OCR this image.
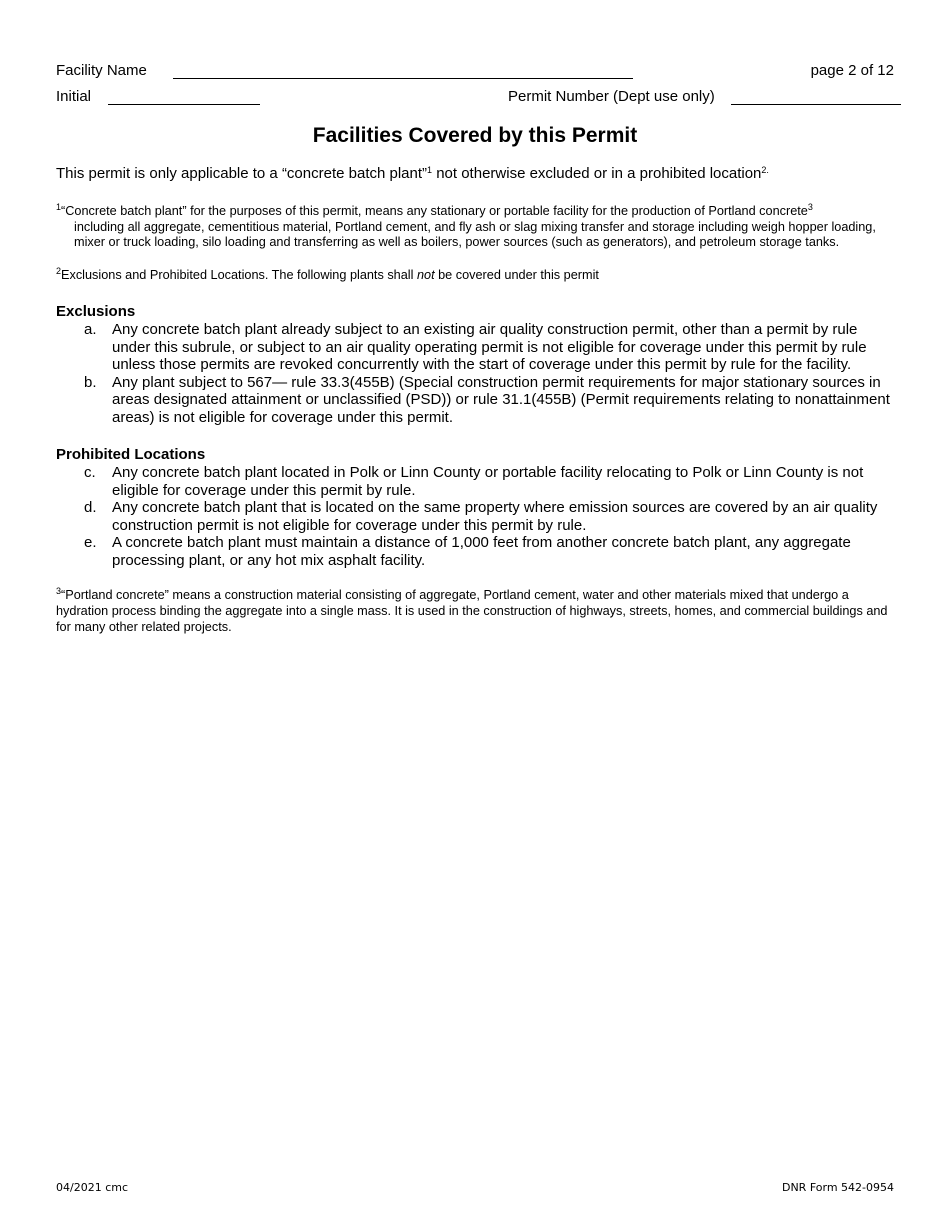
Facility Name	page 2 of 12
Initial	Permit Number (Dept use only)
Facilities Covered by this Permit
This permit is only applicable to a “concrete batch plant”$^1$ not otherwise excluded or in a prohibited location$^{2.}$
$^1$“Concrete batch plant” for the purposes of this permit, means any stationary or portable facility for the production of Portland concrete$^3$
including all aggregate, cementitious material, Portland cement, and fly ash or slag mixing transfer and storage including weigh hopper loading, mixer or truck loading, silo loading and transferring as well as boilers, power sources (such as generators), and petroleum storage tanks.
$^2$Exclusions and Prohibited Locations. The following plants shall not be covered under this permit
Exclusions
a. Any concrete batch plant already subject to an existing air quality construction permit, other than a permit by rule under this subrule, or subject to an air quality operating permit is not eligible for coverage under this permit by rule unless those permits are revoked concurrently with the start of coverage under this permit by rule for the facility.
b. Any plant subject to 567— rule 33.3(455B) (Special construction permit requirements for major stationary sources in areas designated attainment or unclassified (PSD)) or rule 31.1(455B) (Permit requirements relating to nonattainment areas) is not eligible for coverage under this permit.
Prohibited Locations
c. Any concrete batch plant located in Polk or Linn County or portable facility relocating to Polk or Linn County is not eligible for coverage under this permit by rule.
d. Any concrete batch plant that is located on the same property where emission sources are covered by an air quality construction permit is not eligible for coverage under this permit by rule.
e. A concrete batch plant must maintain a distance of 1,000 feet from another concrete batch plant, any aggregate processing plant, or any hot mix asphalt facility.
$^3$“Portland concrete” means a construction material consisting of aggregate, Portland cement, water and other materials mixed that undergo a hydration process binding the aggregate into a single mass. It is used in the construction of highways, streets, homes, and commercial buildings and for many other related projects.
04/2021 cmc	DNR Form 542-0954
